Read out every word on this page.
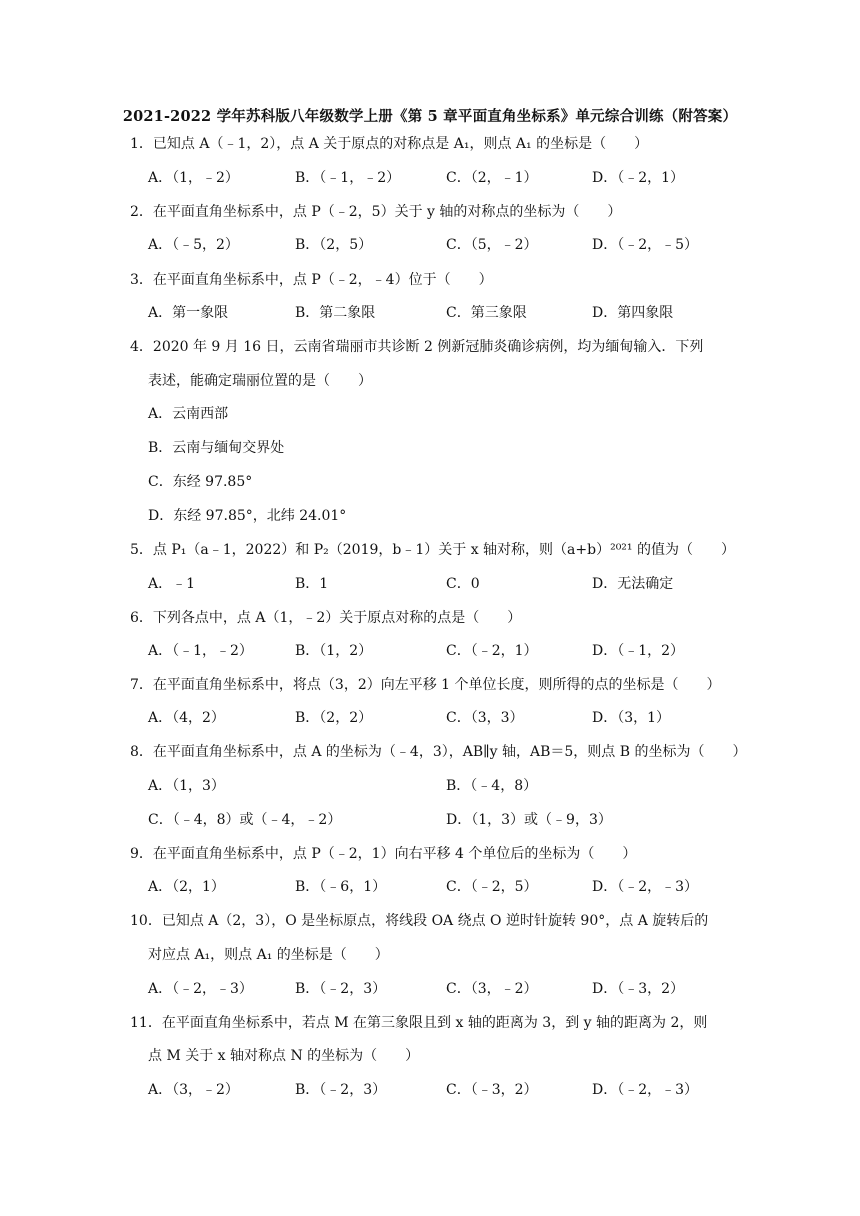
2021-2022 学年苏科版八年级数学上册《第 5 章平面直角坐标系》单元综合训练（附答案）
1．已知点 A（﹣1，2），点 A 关于原点的对称点是 A₁，则点 A₁ 的坐标是（　　）
A．（1，﹣2）	B．（﹣1，﹣2）	C．（2，﹣1）	D．（﹣2，1）
2．在平面直角坐标系中，点 P（﹣2，5）关于 y 轴的对称点的坐标为（　　）
A．（﹣5，2）	B．（2，5）	C．（5，﹣2）	D．（﹣2，﹣5）
3．在平面直角坐标系中，点 P（﹣2，﹣4）位于（　　）
A．第一象限	B．第二象限	C．第三象限	D．第四象限
4．2020 年 9 月 16 日，云南省瑞丽市共诊断 2 例新冠肺炎确诊病例，均为缅甸输入．下列
表述，能确定瑞丽位置的是（　　）
A．云南西部
B．云南与缅甸交界处
C．东经 97.85°
D．东经 97.85°，北纬 24.01°
5．点 P₁（a﹣1，2022）和 P₂（2019，b﹣1）关于 x 轴对称，则（a+b）²⁰²¹ 的值为（　　）
A．﹣1	B．1	C．0	D．无法确定
6．下列各点中，点 A（1，﹣2）关于原点对称的点是（　　）
A．（﹣1，﹣2）	B．（1，2）	C．（﹣2，1）	D．（﹣1，2）
7．在平面直角坐标系中，将点（3，2）向左平移 1 个单位长度，则所得的点的坐标是（　　）
A．（4，2）	B．（2，2）	C．（3，3）	D．（3，1）
8．在平面直角坐标系中，点 A 的坐标为（﹣4，3），AB∥y 轴，AB＝5，则点 B 的坐标为（　　）
A．（1，3）	B．（﹣4，8）
C．（﹣4，8）或（﹣4，﹣2）	D．（1，3）或（﹣9，3）
9．在平面直角坐标系中，点 P（﹣2，1）向右平移 4 个单位后的坐标为（　　）
A．（2，1）	B．（﹣6，1）	C．（﹣2，5）	D．（﹣2，﹣3）
10．已知点 A（2，3），O 是坐标原点，将线段 OA 绕点 O 逆时针旋转 90°，点 A 旋转后的
对应点 A₁，则点 A₁ 的坐标是（　　）
A．（﹣2，﹣3）	B．（﹣2，3）	C．（3，﹣2）	D．（﹣3，2）
11．在平面直角坐标系中，若点 M 在第三象限且到 x 轴的距离为 3，到 y 轴的距离为 2，则
点 M 关于 x 轴对称点 N 的坐标为（　　）
A．（3，﹣2）	B．（﹣2，3）	C．（﹣3，2）	D．（﹣2，﹣3）
